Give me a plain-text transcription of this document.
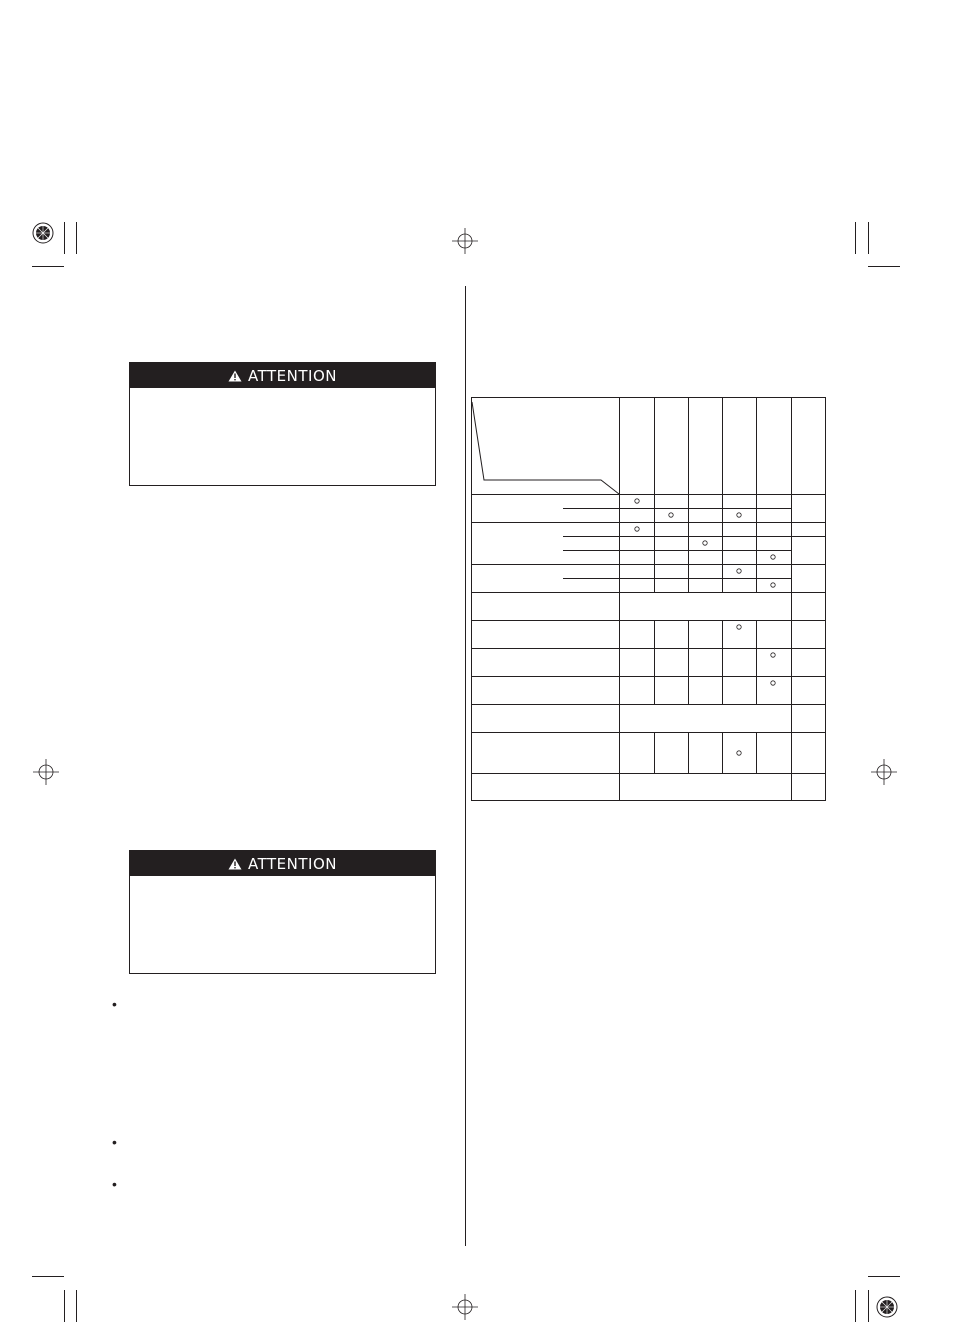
ATTENTION
ATTENTION
•
•
•
